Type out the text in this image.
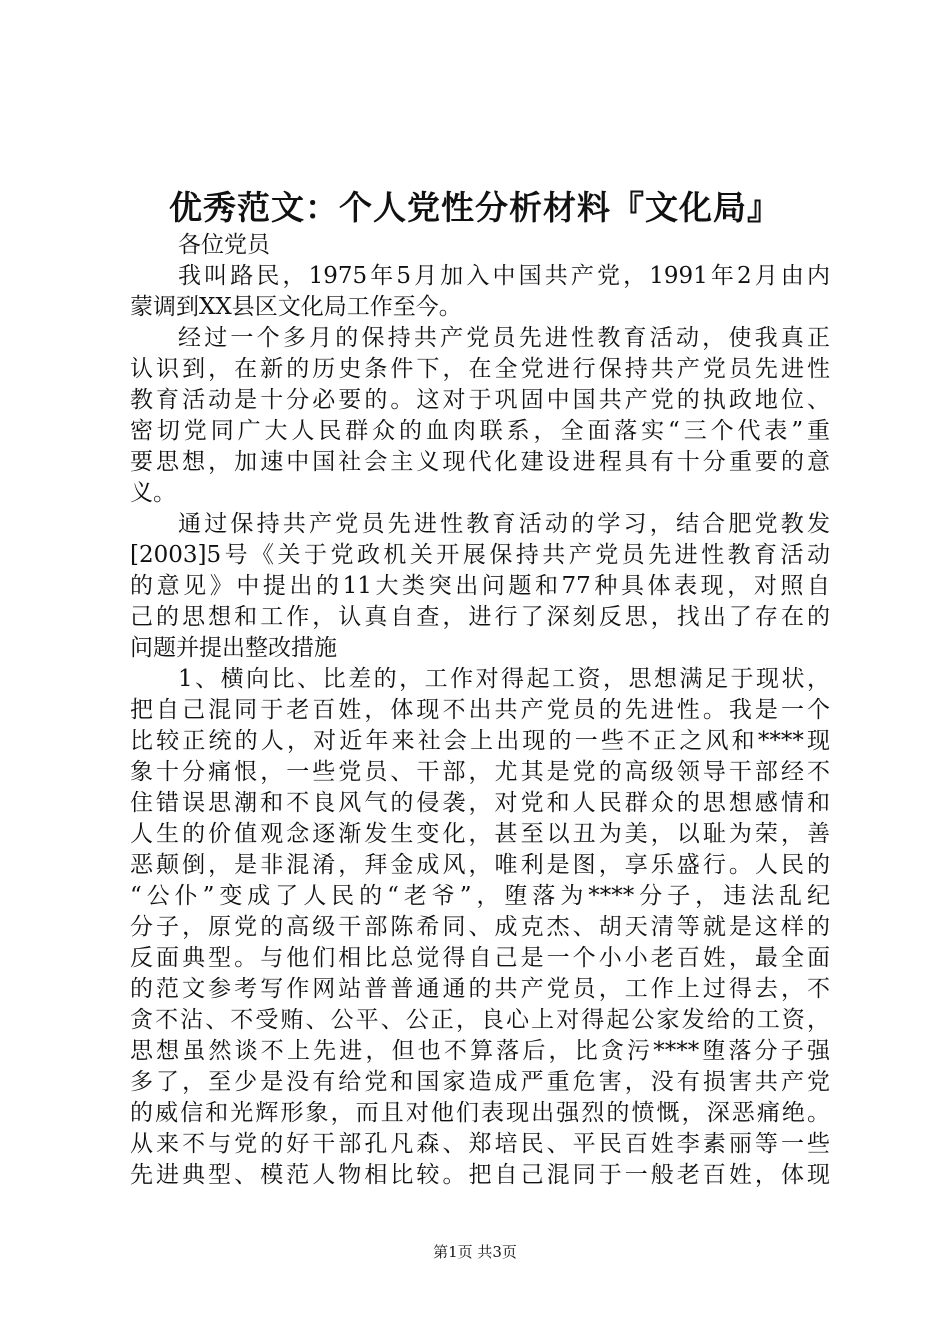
优秀范文：个人党性分析材料『文化局』
各位党员
我叫路民，1975年5月加入中国共产党，1991年2月由内
蒙调到XX县区文化局工作至今。
经过一个多月的保持共产党员先进性教育活动，使我真正
认识到，在新的历史条件下，在全党进行保持共产党员先进性
教育活动是十分必要的。这对于巩固中国共产党的执政地位、
密切党同广大人民群众的血肉联系，全面落实“三个代表”重
要思想，加速中国社会主义现代化建设进程具有十分重要的意
义。
通过保持共产党员先进性教育活动的学习，结合肥党教发
[2003]5号《关于党政机关开展保持共产党员先进性教育活动
的意见》中提出的11大类突出问题和77种具体表现，对照自
己的思想和工作，认真自查，进行了深刻反思，找出了存在的
问题并提出整改措施
1、横向比、比差的，工作对得起工资，思想满足于现状，
把自己混同于老百姓，体现不出共产党员的先进性。我是一个
比较正统的人，对近年来社会上出现的一些不正之风和****现
象十分痛恨，一些党员、干部，尤其是党的高级领导干部经不
住错误思潮和不良风气的侵袭，对党和人民群众的思想感情和
人生的价值观念逐渐发生变化，甚至以丑为美，以耻为荣，善
恶颠倒，是非混淆，拜金成风，唯利是图，享乐盛行。人民的
“公仆”变成了人民的“老爷”，堕落为****分子，违法乱纪
分子，原党的高级干部陈希同、成克杰、胡天清等就是这样的
反面典型。与他们相比总觉得自己是一个小小老百姓，最全面
的范文参考写作网站普普通通的共产党员，工作上过得去，不
贪不沾、不受贿、公平、公正，良心上对得起公家发给的工资，
思想虽然谈不上先进，但也不算落后，比贪污****堕落分子强
多了，至少是没有给党和国家造成严重危害，没有损害共产党
的威信和光辉形象，而且对他们表现出强烈的愤慨，深恶痛绝。
从来不与党的好干部孔凡森、郑培民、平民百姓李素丽等一些
先进典型、模范人物相比较。把自己混同于一般老百姓，体现
第1页 共3页
